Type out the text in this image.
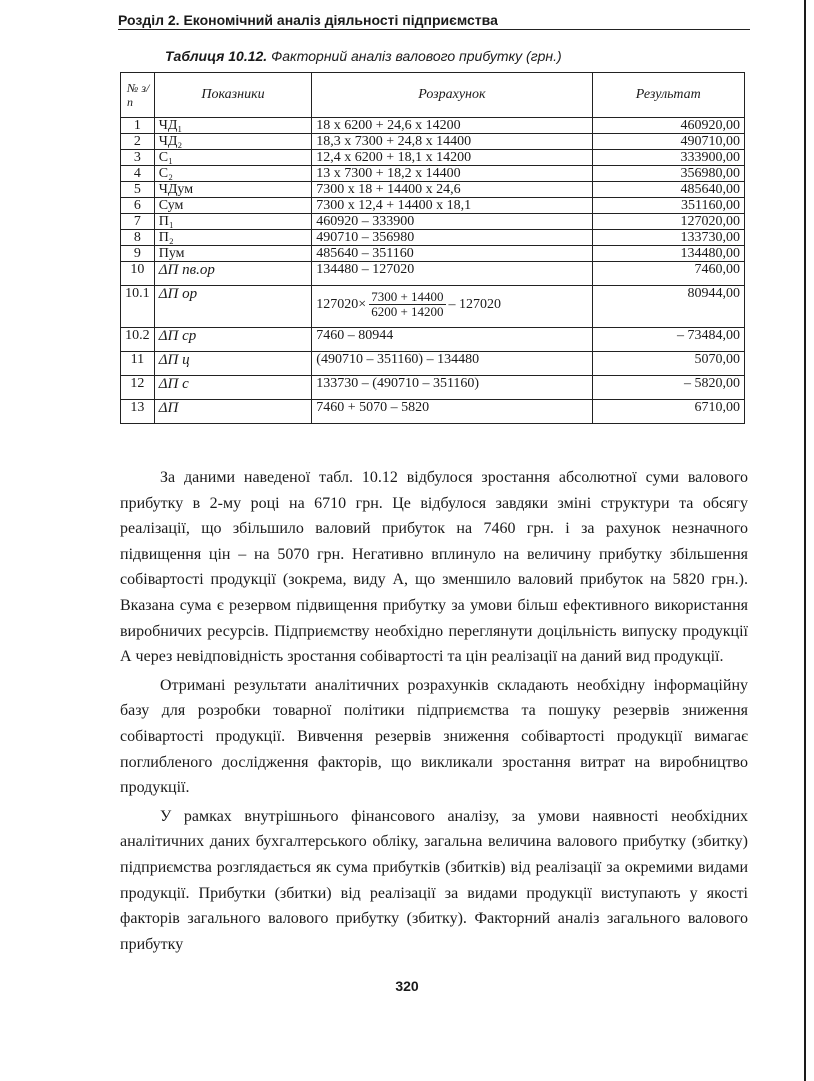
Розділ 2. Економічний аналіз діяльності підприємства
Таблиця 10.12. Факторний аналіз валового прибутку (грн.)
№ з/п	Показники	Розрахунок	Результат
1	ЧД₁	18 x 6200 + 24,6 x 14200	460920,00
2	ЧД₂	18,3 x 7300 + 24,8 x 14400	490710,00
3	С₁	12,4 x 6200 + 18,1 x 14200	333900,00
4	С₂	13 x 7300 + 18,2 x 14400	356980,00
5	ЧДум	7300 x 18 + 14400 x 24,6	485640,00
6	Сум	7300 x 12,4 + 14400 x 18,1	351160,00
7	П₁	460920 – 333900	127020,00
8	П₂	490710 – 356980	133730,00
9	Пум	485640 – 351160	134480,00
10	ΔП пв.ор	134480 – 127020	7460,00
10.1	ΔП ор	$127020\times \frac{7300 + 14400}{6200 + 14200} - 127020$	80944,00
10.2	ΔП ср	7460 – 80944	– 73484,00
11	ΔП ц	(490710 – 351160) – 134480	5070,00
12	ΔП с	133730 – (490710 – 351160)	– 5820,00
13	ΔП	7460 + 5070 – 5820	6710,00

За даними наведеної табл. 10.12 відбулося зростання абсолютної суми валового прибутку в 2-му році на 6710 грн. Це відбулося завдяки зміні структури та обсягу реалізації, що збільшило валовий прибуток на 7460 грн. і за рахунок незначного підвищення цін – на 5070 грн. Негативно вплинуло на величину прибутку збільшення собівартості продукції (зокрема, виду А, що зменшило валовий прибуток на 5820 грн.). Вказана сума є резервом підвищення прибутку за умови більш ефективного використання виробничих ресурсів. Підприємству необхідно переглянути доцільність випуску продукції А через невідповідність зростання собівартості та цін реалізації на даний вид продукції.

Отримані результати аналітичних розрахунків складають необхідну інформаційну базу для розробки товарної політики підприємства та пошуку резервів зниження собівартості продукції. Вивчення резервів зниження собівартості продукції вимагає поглибленого дослідження факторів, що викликали зростання витрат на виробництво продукції.

У рамках внутрішнього фінансового аналізу, за умови наявності необхідних аналітичних даних бухгалтерського обліку, загальна величина валового прибутку (збитку) підприємства розглядається як сума прибутків (збитків) від реалізації за окремими видами продукції. Прибутки (збитки) від реалізації за видами продукції виступають у якості факторів загального валового прибутку (збитку). Факторний аналіз загального валового прибутку

320
